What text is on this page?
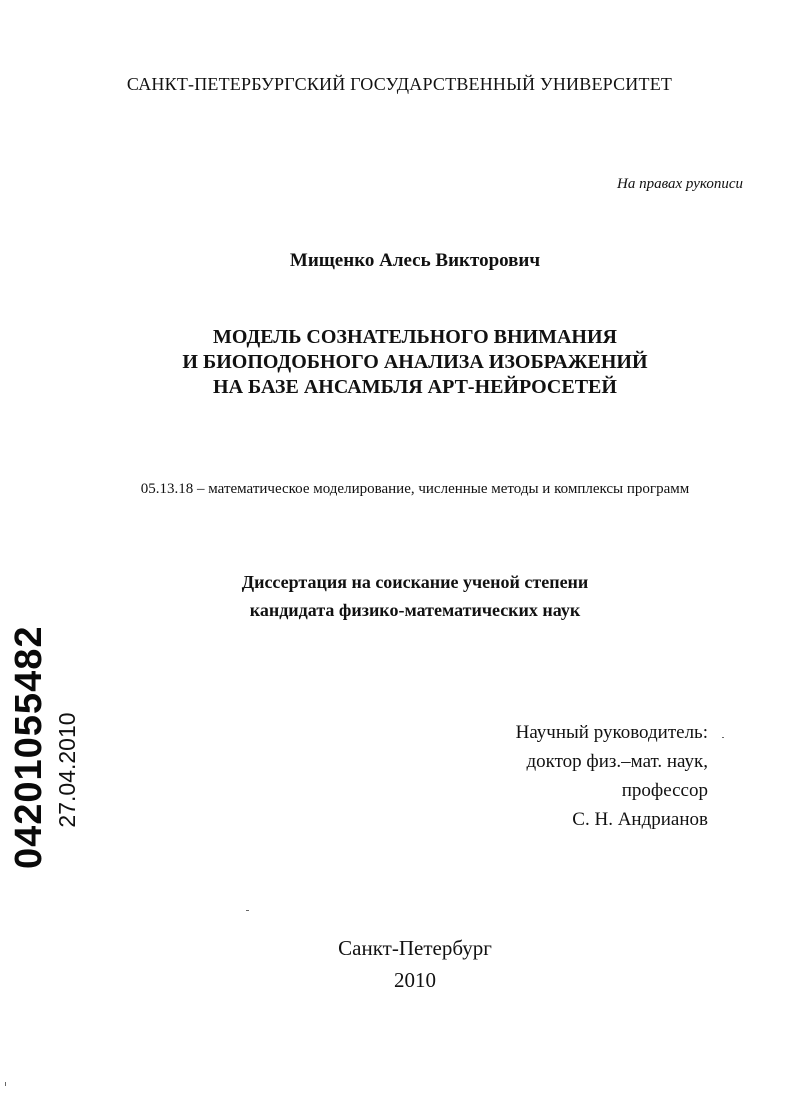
САНКТ-ПЕТЕРБУРГСКИЙ ГОСУДАРСТВЕННЫЙ УНИВЕРСИТЕТ
На правах рукописи
Мищенко Алесь Викторович
МОДЕЛЬ СОЗНАТЕЛЬНОГО ВНИМАНИЯ
И БИОПОДОБНОГО АНАЛИЗА ИЗОБРАЖЕНИЙ
НА БАЗЕ АНСАМБЛЯ АРТ-НЕЙРОСЕТЕЙ
05.13.18 – математическое моделирование, численные методы и комплексы программ
Диссертация на соискание ученой степени
кандидата физико-математических наук
Научный руководитель:
доктор физ.–мат. наук,
профессор
С. Н. Андрианов
Санкт-Петербург
2010
04201055482 27.04.2010
